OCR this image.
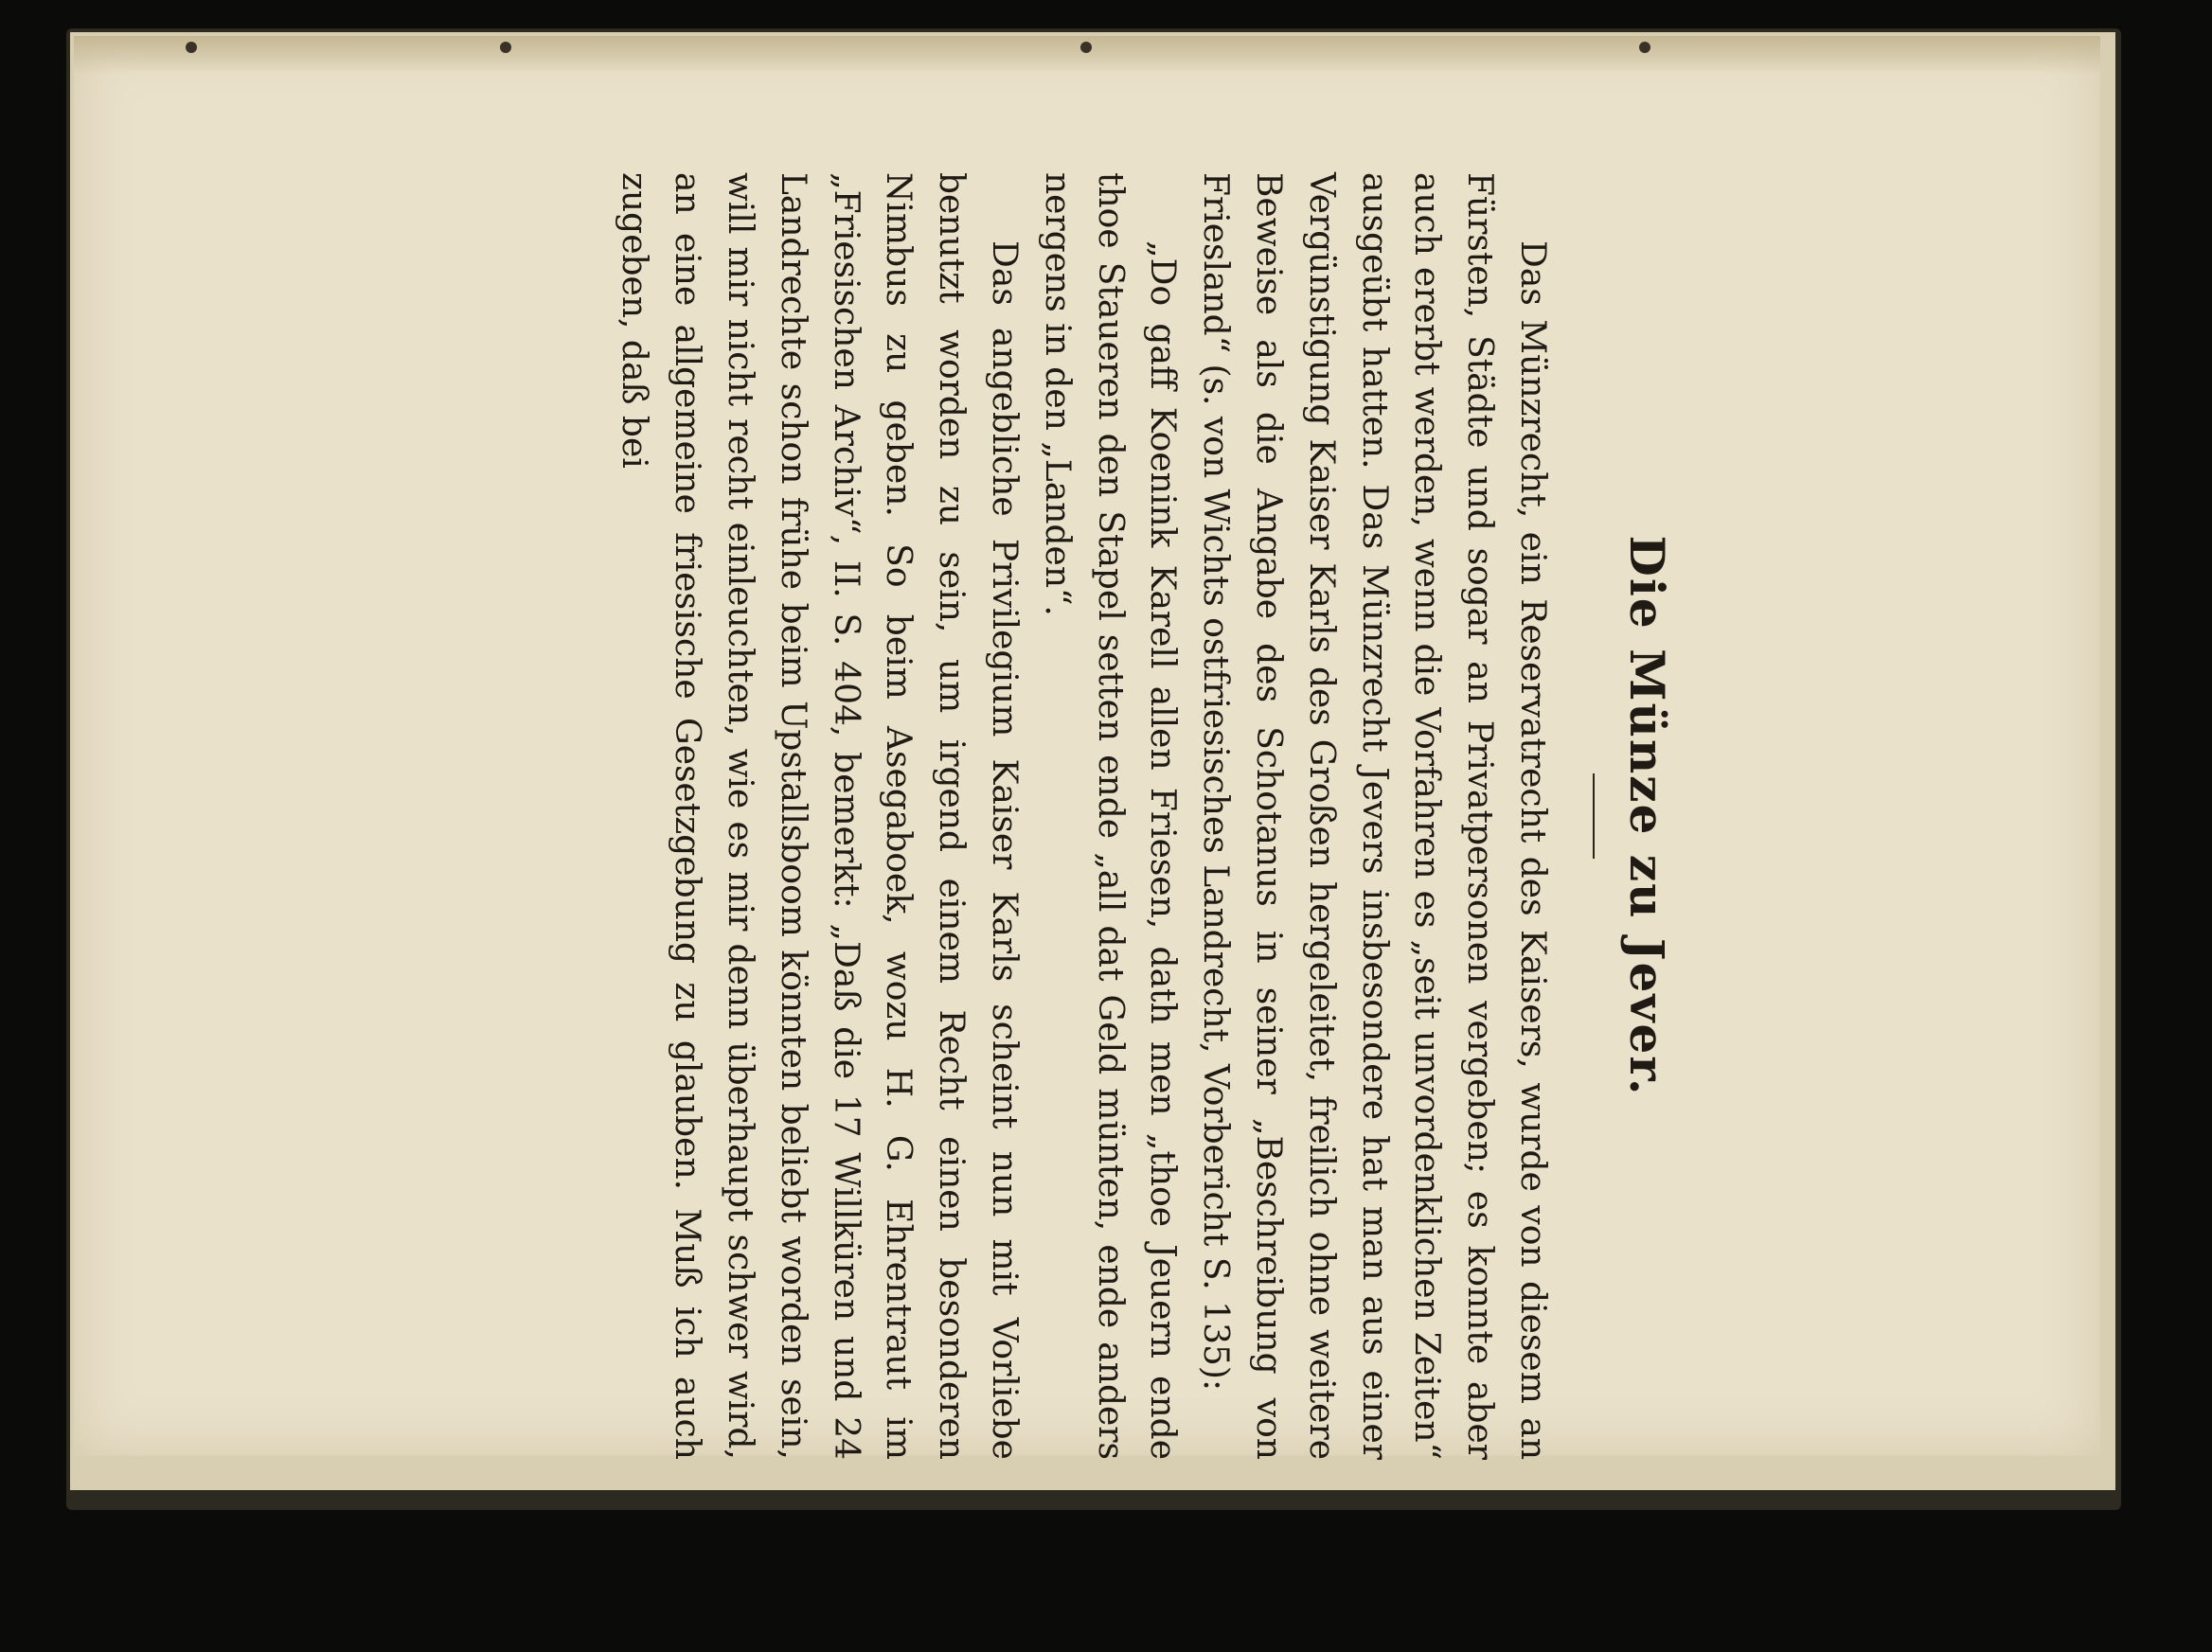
Die Münze zu Jever.

Das Münzrecht, ein Reservatrecht des Kaisers, wurde von diesem an Fürsten, Städte und sogar an Privatpersonen vergeben; es konnte aber auch ererbt werden, wenn die Vorfahren es „seit unvordenklichen Zeiten“ ausgeübt hatten. Das Münzrecht Jevers insbesondere hat man aus einer Vergünstigung Kaiser Karls des Großen hergeleitet, freilich ohne weitere Beweise als die Angabe des Schotanus in seiner „Beschreibung von Friesland“ (s. von Wichts ostfriesisches Landrecht, Vorbericht S. 135):

„Do gaff Koenink Karell allen Friesen, dath men „thoe Jeuern ende thoe Staueren den Stapel setten ende „all dat Geld münten, ende anders nergens in den „Landen“.

Das angebliche Privilegium Kaiser Karls scheint nun mit Vorliebe benutzt worden zu sein, um irgend einem Recht einen besonderen Nimbus zu geben. So beim Asegaboek, wozu H. G. Ehrentraut im „Friesischen Archiv“, II. S. 404, bemerkt: „Daß die 17 Willküren und 24 Landrechte schon frühe beim Upstallsboom könnten beliebt worden sein, will mir nicht recht einleuchten, wie es mir denn überhaupt schwer wird, an eine allgemeine friesische Gesetzgebung zu glauben. Muß ich auch zugeben, daß bei
